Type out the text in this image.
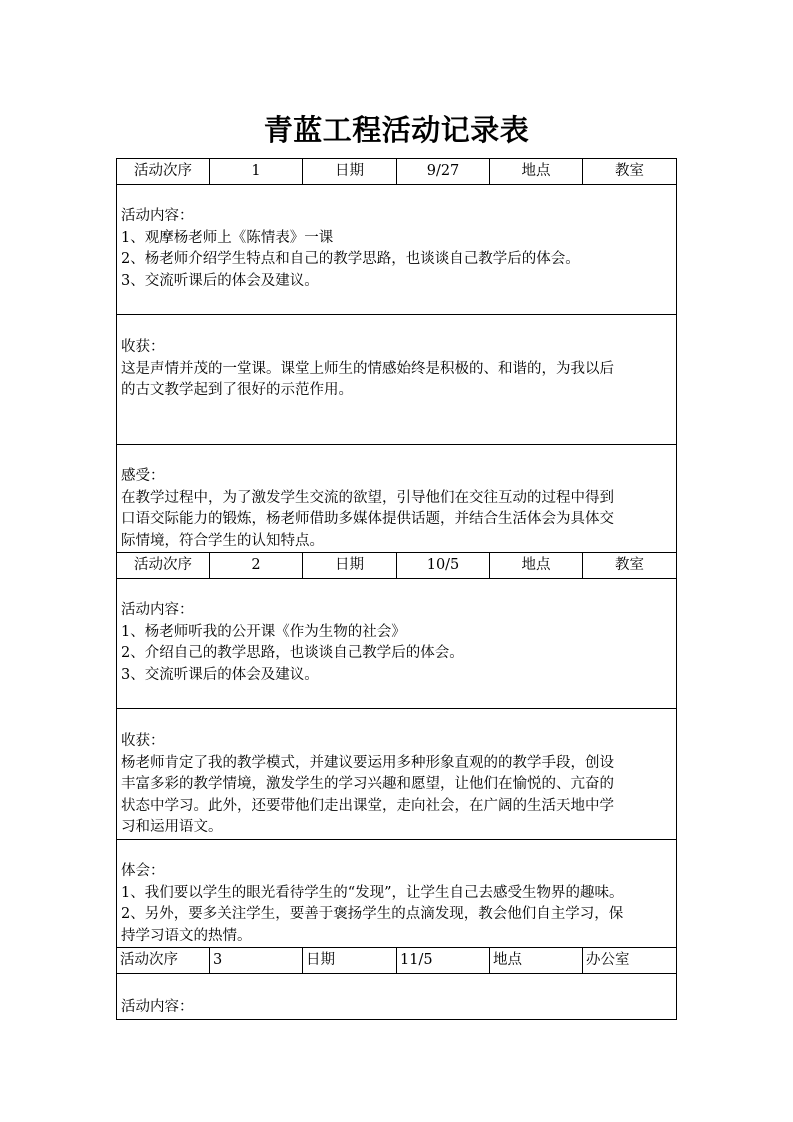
青蓝工程活动记录表
活动次序	1	日期	9/27	地点	教室

活动内容：
1、观摩杨老师上《陈情表》一课
2、杨老师介绍学生特点和自己的教学思路，也谈谈自己教学后的体会。
3、交流听课后的体会及建议。					

收获：
这是声情并茂的一堂课。课堂上师生的情感始终是积极的、和谐的，为我以后
的古文教学起到了很好的示范作用。					

感受：
在教学过程中，为了激发学生交流的欲望，引导他们在交往互动的过程中得到
口语交际能力的锻炼，杨老师借助多媒体提供话题，并结合生活体会为具体交
际情境，符合学生的认知特点。					

活动次序	2	日期	10/5	地点	教室

活动内容：
1、杨老师听我的公开课《作为生物的社会》
2、介绍自己的教学思路，也谈谈自己教学后的体会。
3、交流听课后的体会及建议。					

收获：
杨老师肯定了我的教学模式，并建议要运用多种形象直观的的教学手段，创设
丰富多彩的教学情境，激发学生的学习兴趣和愿望，让他们在愉悦的、亢奋的
状态中学习。此外，还要带他们走出课堂，走向社会，在广阔的生活天地中学
习和运用语文。					

体会：
1、我们要以学生的眼光看待学生的“发现”，让学生自己去感受生物界的趣味。
2、另外，要多关注学生，要善于褒扬学生的点滴发现，教会他们自主学习，保
持学习语文的热情。					

活动次序	3	日期	11/5	地点	办公室

活动内容：					
